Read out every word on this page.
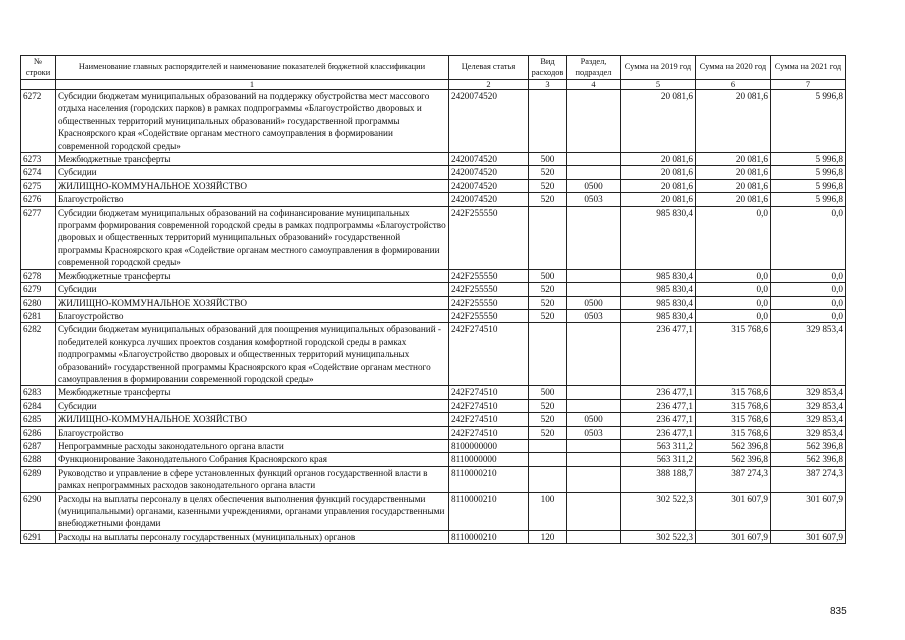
№ строки	Наименование главных распорядителей и наименование показателей бюджетной классификации	Целевая статья	Вид расходов	Раздел, подраздел	Сумма на 2019 год	Сумма на 2020 год	Сумма на 2021 год
	1	2	3	4	5	6	7
6272	Субсидии бюджетам муниципальных образований на поддержку обустройства мест массового отдыха населения (городских парков) в рамках подпрограммы «Благоустройство дворовых и общественных территорий муниципальных образований» государственной программы Красноярского края «Содействие органам местного самоуправления в формировании современной городской среды»	2420074520			20 081,6	20 081,6	5 996,8
6273	Межбюджетные трансферты	2420074520	500		20 081,6	20 081,6	5 996,8
6274	Субсидии	2420074520	520		20 081,6	20 081,6	5 996,8
6275	ЖИЛИЩНО-КОММУНАЛЬНОЕ ХОЗЯЙСТВО	2420074520	520	0500	20 081,6	20 081,6	5 996,8
6276	Благоустройство	2420074520	520	0503	20 081,6	20 081,6	5 996,8
6277	Субсидии бюджетам муниципальных образований на софинансирование муниципальных программ формирования современной городской среды в рамках подпрограммы «Благоустройство дворовых и общественных территорий муниципальных образований» государственной программы Красноярского края «Содействие органам местного самоуправления в формировании современной городской среды»	242F255550			985 830,4	0,0	0,0
6278	Межбюджетные трансферты	242F255550	500		985 830,4	0,0	0,0
6279	Субсидии	242F255550	520		985 830,4	0,0	0,0
6280	ЖИЛИЩНО-КОММУНАЛЬНОЕ ХОЗЯЙСТВО	242F255550	520	0500	985 830,4	0,0	0,0
6281	Благоустройство	242F255550	520	0503	985 830,4	0,0	0,0
6282	Субсидии бюджетам муниципальных образований для поощрения муниципальных образований - победителей конкурса лучших проектов создания комфортной городской среды в рамках подпрограммы «Благоустройство дворовых и общественных территорий муниципальных образований» государственной программы Красноярского края «Содействие органам местного самоуправления в формировании современной городской среды»	242F274510			236 477,1	315 768,6	329 853,4
6283	Межбюджетные трансферты	242F274510	500		236 477,1	315 768,6	329 853,4
6284	Субсидии	242F274510	520		236 477,1	315 768,6	329 853,4
6285	ЖИЛИЩНО-КОММУНАЛЬНОЕ ХОЗЯЙСТВО	242F274510	520	0500	236 477,1	315 768,6	329 853,4
6286	Благоустройство	242F274510	520	0503	236 477,1	315 768,6	329 853,4
6287	Непрограммные расходы законодательного органа власти	8100000000			563 311,2	562 396,8	562 396,8
6288	Функционирование Законодательного Собрания Красноярского края	8110000000			563 311,2	562 396,8	562 396,8
6289	Руководство и управление в сфере установленных функций органов государственной власти в рамках непрограммных расходов законодательного органа власти	8110000210			388 188,7	387 274,3	387 274,3
6290	Расходы на выплаты персоналу в целях обеспечения выполнения функций государственными (муниципальными) органами, казенными учреждениями, органами управления государственными внебюджетными фондами	8110000210	100		302 522,3	301 607,9	301 607,9
6291	Расходы на выплаты персоналу государственных (муниципальных) органов	8110000210	120		302 522,3	301 607,9	301 607,9
835
